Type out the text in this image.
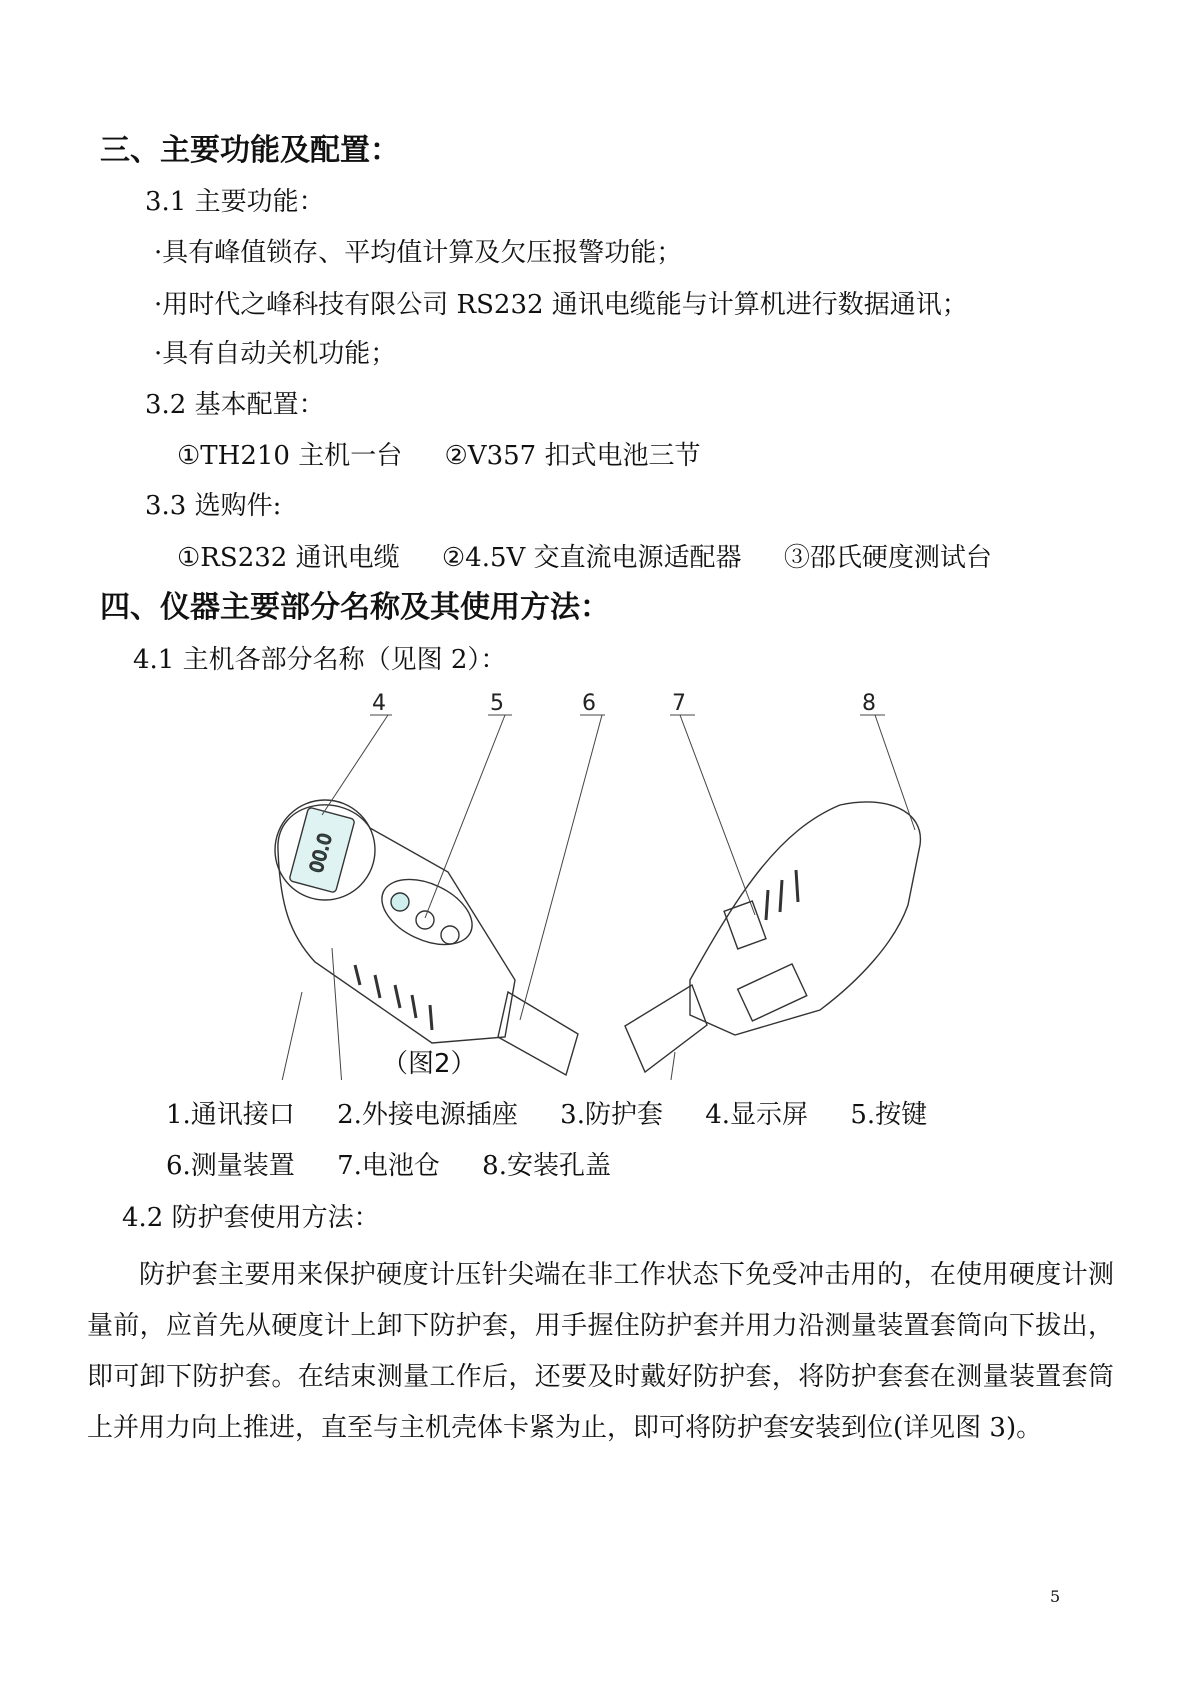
三、主要功能及配置：
3.1 主要功能：
·具有峰值锁存、平均值计算及欠压报警功能；
·用时代之峰科技有限公司 RS232 通讯电缆能与计算机进行数据通讯；
·具有自动关机功能；
3.2 基本配置：
①TH210 主机一台 ②V357 扣式电池三节
3.3 选购件:
①RS232 通讯电缆 ②4.5V 交直流电源适配器 ③邵氏硬度测试台
四、仪器主要部分名称及其使用方法：
4.1 主机各部分名称（见图 2）：
00.0
4	5	6	7	8
（图2）
1.通讯接口 2.外接电源插座 3.防护套 4.显示屏 5.按键
6.测量装置 7.电池仓 8.安装孔盖
4.2 防护套使用方法：
防护套主要用来保护硬度计压针尖端在非工作状态下免受冲击用的，在使用硬度计测量前，应首先从硬度计上卸下防护套，用手握住防护套并用力沿测量装置套筒向下拔出，即可卸下防护套。在结束测量工作后，还要及时戴好防护套，将防护套套在测量装置套筒上并用力向上推进，直至与主机壳体卡紧为止，即可将防护套安装到位(详见图 3)。
5
